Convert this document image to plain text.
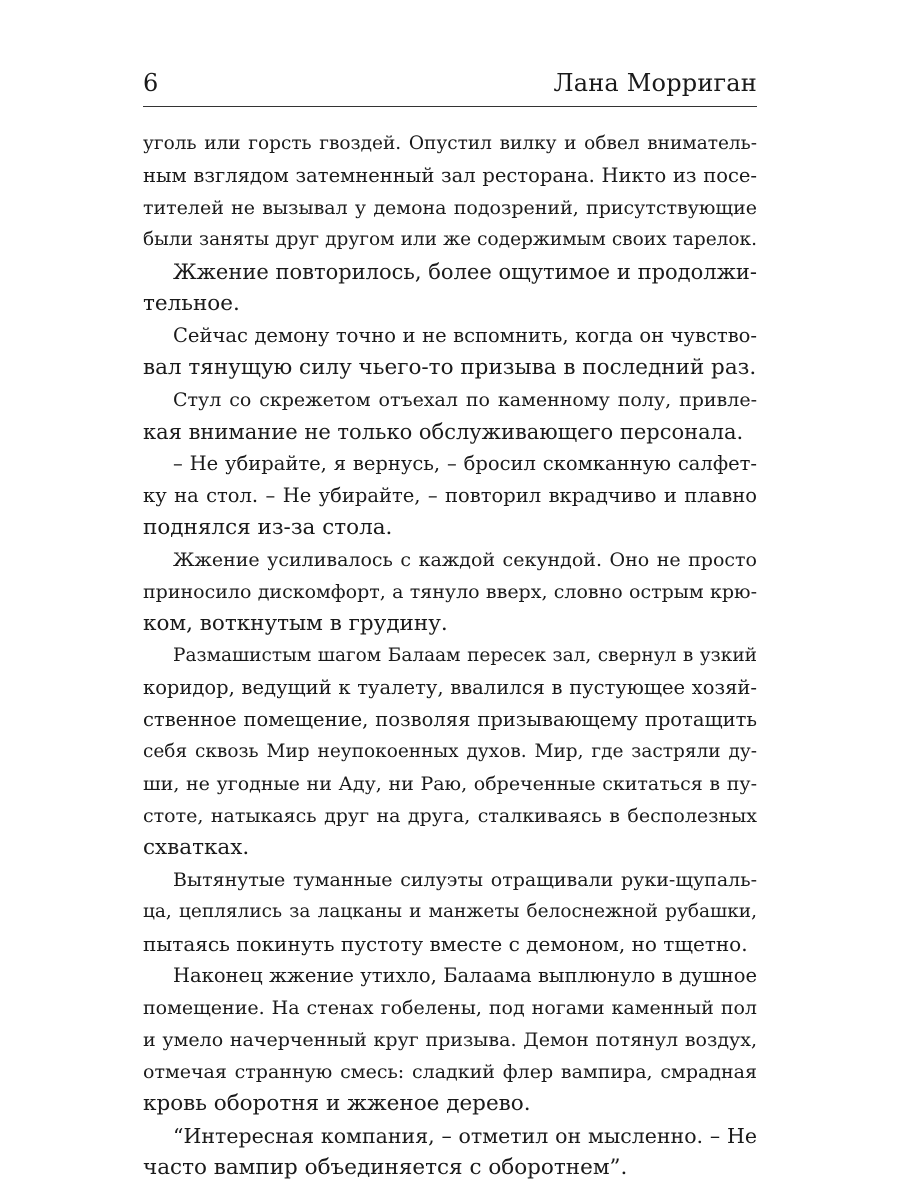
6	Лана Морриган
уголь или горсть гвоздей. Опустил вилку и обвел вниматель-
ным взглядом затемненный зал ресторана. Никто из посе-
тителей не вызывал у демона подозрений, присутствующие
были заняты друг другом или же содержимым своих тарелок.
Жжение повторилось, более ощутимое и продолжи-
тельное.
Сейчас демону точно и не вспомнить, когда он чувство-
вал тянущую силу чьего-то призыва в последний раз.
Стул со скрежетом отъехал по каменному полу, привле-
кая внимание не только обслуживающего персонала.
– Не убирайте, я вернусь, – бросил скомканную салфет-
ку на стол. – Не убирайте, – повторил вкрадчиво и плавно
поднялся из-за стола.
Жжение усиливалось с каждой секундой. Оно не просто
приносило дискомфорт, а тянуло вверх, словно острым крю-
ком, воткнутым в грудину.
Размашистым шагом Балаам пересек зал, свернул в узкий
коридор, ведущий к туалету, ввалился в пустующее хозяй-
ственное помещение, позволяя призывающему протащить
себя сквозь Мир неупокоенных духов. Мир, где застряли ду-
ши, не угодные ни Аду, ни Раю, обреченные скитаться в пу-
стоте, натыкаясь друг на друга, сталкиваясь в бесполезных
схватках.
Вытянутые туманные силуэты отращивали руки-щупаль-
ца, цеплялись за лацканы и манжеты белоснежной рубашки,
пытаясь покинуть пустоту вместе с демоном, но тщетно.
Наконец жжение утихло, Балаама выплюнуло в душное
помещение. На стенах гобелены, под ногами каменный пол
и умело начерченный круг призыва. Демон потянул воздух,
отмечая странную смесь: сладкий флер вампира, смрадная
кровь оборотня и жженое дерево.
“Интересная компания, – отметил он мысленно. – Не
часто вампир объединяется с оборотнем”.
